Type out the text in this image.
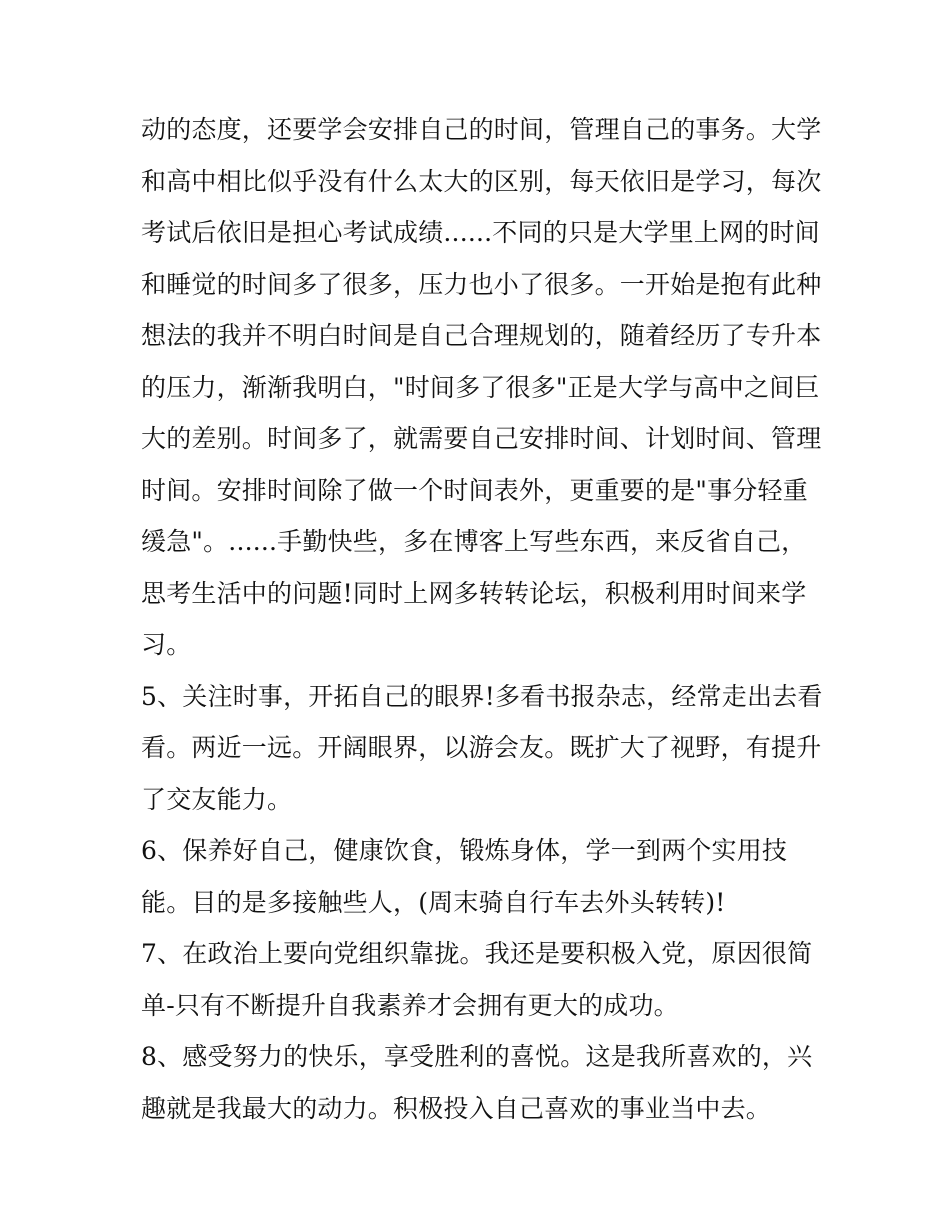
动的态度，还要学会安排自己的时间，管理自己的事务。大学
和高中相比似乎没有什么太大的区别，每天依旧是学习，每次
考试后依旧是担心考试成绩......不同的只是大学里上网的时间
和睡觉的时间多了很多，压力也小了很多。一开始是抱有此种
想法的我并不明白时间是自己合理规划的，随着经历了专升本
的压力，渐渐我明白，"时间多了很多"正是大学与高中之间巨
大的差别。时间多了，就需要自己安排时间、计划时间、管理
时间。安排时间除了做一个时间表外，更重要的是"事分轻重
缓急"。......手勤快些，多在博客上写些东西，来反省自己，
思考生活中的问题!同时上网多转转论坛，积极利用时间来学
习。
5、关注时事，开拓自己的眼界!多看书报杂志，经常走出去看
看。两近一远。开阔眼界，以游会友。既扩大了视野，有提升
了交友能力。
6、保养好自己，健康饮食，锻炼身体，学一到两个实用技
能。目的是多接触些人，(周末骑自行车去外头转转)!
7、在政治上要向党组织靠拢。我还是要积极入党，原因很简
单-只有不断提升自我素养才会拥有更大的成功。
8、感受努力的快乐，享受胜利的喜悦。这是我所喜欢的，兴
趣就是我最大的动力。积极投入自己喜欢的事业当中去。
